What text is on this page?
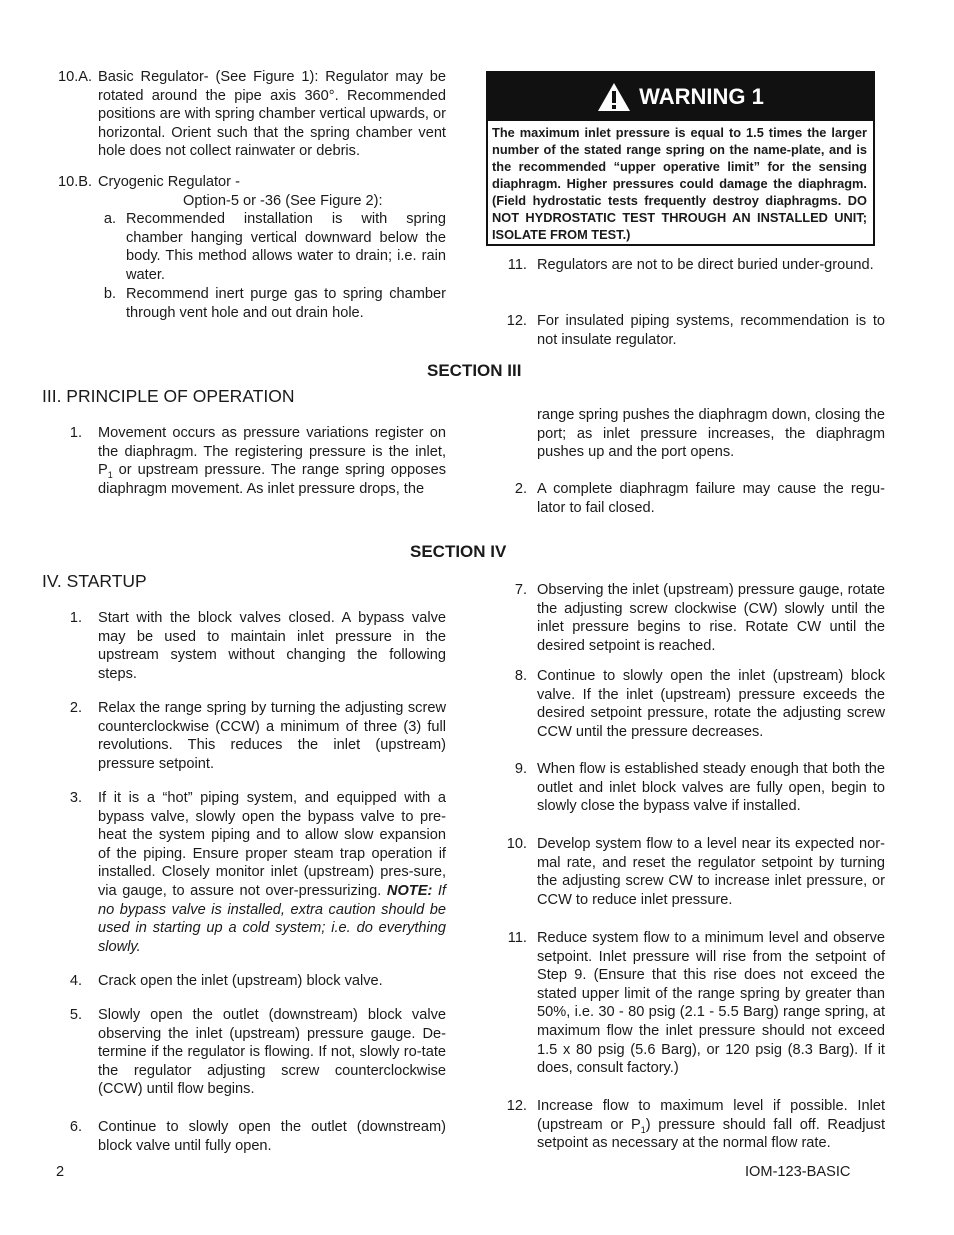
10.A. Basic Regulator- (See Figure 1): Regulator may be rotated around the pipe axis 360°. Recommended positions are with spring chamber vertical upwards, or horizontal. Orient such that the spring chamber vent hole does not collect rainwater or debris.
10.B. Cryogenic Regulator -
Option-5 or -36 (See Figure 2):
a. Recommended installation is with spring chamber hanging vertical downward below the body. This method allows water to drain; i.e. rain water.
b. Recommend inert purge gas to spring chamber through vent hole and out drain hole.
WARNING 1
The maximum inlet pressure is equal to 1.5 times the larger number of the stated range spring on the name-plate, and is the recommended “upper operative limit” for the sensing diaphragm. Higher pressures could damage the diaphragm. (Field hydrostatic tests frequently destroy diaphragms. DO NOT HYDROSTATIC TEST THROUGH AN INSTALLED UNIT; ISOLATE FROM TEST.)
11. Regulators are not to be direct buried under-ground.
12. For insulated piping systems, recommendation is to not insulate regulator.
SECTION III
III. PRINCIPLE OF OPERATION
1. Movement occurs as pressure variations register on the diaphragm. The registering pressure is the inlet, $P_1$ or upstream pressure. The range spring opposes diaphragm movement. As inlet pressure drops, the
range spring pushes the diaphragm down, closing the port; as inlet pressure increases, the diaphragm pushes up and the port opens.
2. A complete diaphragm failure may cause the regu-lator to fail closed.
SECTION IV
IV. STARTUP
1. Start with the block valves closed. A bypass valve may be used to maintain inlet pressure in the upstream system without changing the following steps.
2. Relax the range spring by turning the adjusting screw counterclockwise (CCW) a minimum of three (3) full revolutions. This reduces the inlet (upstream) pressure setpoint.
3. If it is a “hot” piping system, and equipped with a bypass valve, slowly open the bypass valve to pre-heat the system piping and to allow slow expansion of the piping. Ensure proper steam trap operation if installed. Closely monitor inlet (upstream) pres-sure, via gauge, to assure not over-pressurizing. NOTE: If no bypass valve is installed, extra caution should be used in starting up a cold system; i.e. do everything slowly.
4. Crack open the inlet (upstream) block valve.
5. Slowly open the outlet (downstream) block valve observing the inlet (upstream) pressure gauge. De-termine if the regulator is flowing. If not, slowly ro-tate the regulator adjusting screw counterclockwise (CCW) until flow begins.
6. Continue to slowly open the outlet (downstream) block valve until fully open.
7. Observing the inlet (upstream) pressure gauge, rotate the adjusting screw clockwise (CW) slowly until the inlet pressure begins to rise. Rotate CW until the desired setpoint is reached.
8. Continue to slowly open the inlet (upstream) block valve. If the inlet (upstream) pressure exceeds the desired setpoint pressure, rotate the adjusting screw CCW until the pressure decreases.
9. When flow is established steady enough that both the outlet and inlet block valves are fully open, begin to slowly close the bypass valve if installed.
10. Develop system flow to a level near its expected nor-mal rate, and reset the regulator setpoint by turning the adjusting screw CW to increase inlet pressure, or CCW to reduce inlet pressure.
11. Reduce system flow to a minimum level and observe setpoint. Inlet pressure will rise from the setpoint of Step 9. (Ensure that this rise does not exceed the stated upper limit of the range spring by greater than 50%, i.e. 30 - 80 psig (2.1 - 5.5 Barg) range spring, at maximum flow the inlet pressure should not exceed 1.5 x 80 psig (5.6 Barg), or 120 psig (8.3 Barg). If it does, consult factory.)
12. Increase flow to maximum level if possible. Inlet (upstream or $P_1$) pressure should fall off. Readjust setpoint as necessary at the normal flow rate.
2	IOM-123-BASIC
